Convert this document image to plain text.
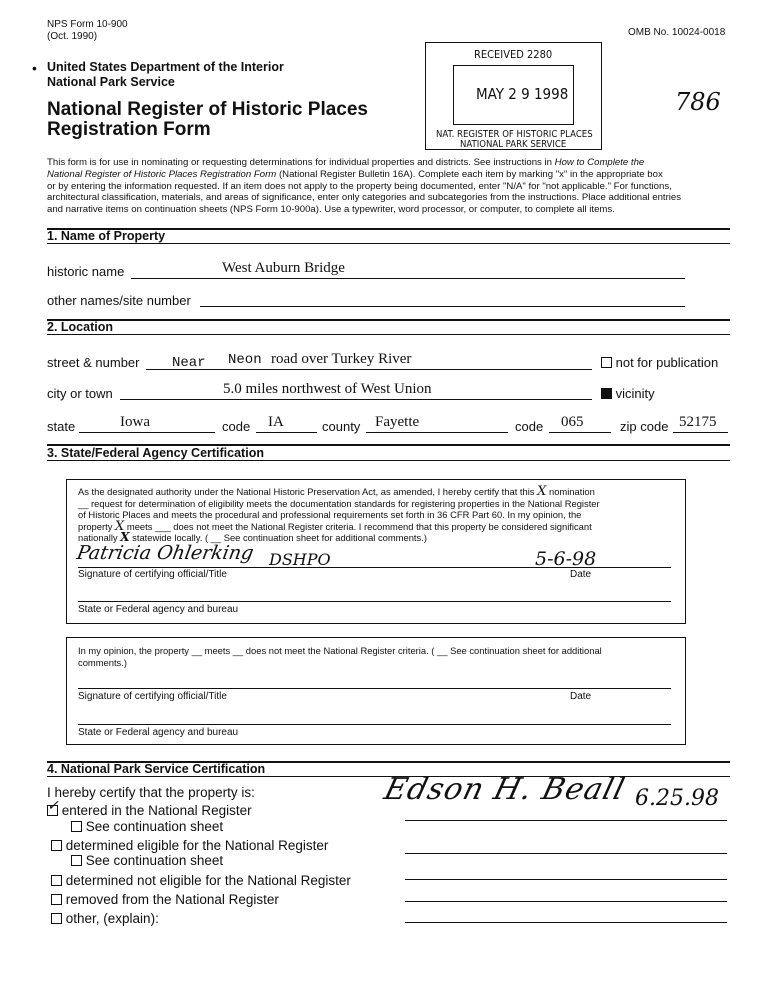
NPS Form 10-900
(Oct. 1990)	OMB No. 10024-0018
• United States Department of the Interior
National Park Service
National Register of Historic Places
Registration Form
RECEIVED 2280
MAY 2 9 1998
NAT. REGISTER OF HISTORIC PLACES
NATIONAL PARK SERVICE
786
This form is for use in nominating or requesting determinations for individual properties and districts. See instructions in How to Complete the
National Register of Historic Places Registration Form (National Register Bulletin 16A). Complete each item by marking "x" in the appropriate box
or by entering the information requested. If an item does not apply to the property being documented, enter "N/A" for "not applicable." For functions,
architectural classification, materials, and areas of significance, enter only categories and subcategories from the instructions. Place additional entries
and narrative items on continuation sheets (NPS Form 10-900a). Use a typewriter, word processor, or computer, to complete all items.
1. Name of Property
historic name	West Auburn Bridge
other names/site number
2. Location
street & number Near Neon road over Turkey River	not for publication
city or town	5.0 miles northwest of West Union	vicinity
state	Iowa	code IA	county Fayette	code 065	zip code 52175
3. State/Federal Agency Certification
As the designated authority under the National Historic Preservation Act, as amended, I hereby certify that this X nomination
__ request for determination of eligibility meets the documentation standards for registering properties in the National Register
of Historic Places and meets the procedural and professional requirements set forth in 36 CFR Part 60. In my opinion, the
property X meets ___ does not meet the National Register criteria. I recommend that this property be considered significant
nationally X statewide locally. ( __ See continuation sheet for additional comments.)
Patricia Ohlerking DSHPO	5-6-98
Signature of certifying official/Title	Date
State or Federal agency and bureau
In my opinion, the property __ meets __ does not meet the National Register criteria. ( __ See continuation sheet for additional
comments.)
Signature of certifying official/Title	Date
State or Federal agency and bureau
4. National Park Service Certification
I hereby certify that the property is:
✓ entered in the National Register
See continuation sheet
determined eligible for the National Register
See continuation sheet
determined not eligible for the National Register
removed from the National Register
other, (explain):
Edson H. Beall 6.25.98
